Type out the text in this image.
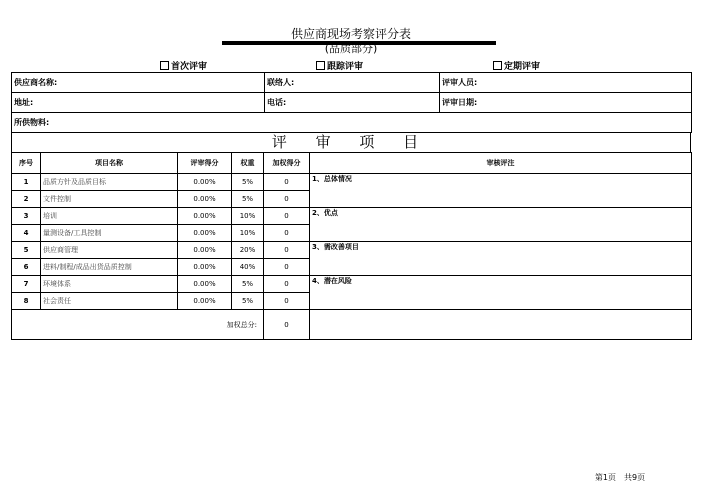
供应商现场考察评分表
(品质部分)
首次评审	跟踪评审	定期评审
供应商名称:	联络人:	评审人员:
地址:	电话:	评审日期:
所供物料:		
评 审 项 目
序号	项目名称	评审得分	权重	加权得分	审核评注
1	品质方针及品质目标	0.00%	5%	0	1、总体情况
2	文件控制	0.00%	5%	0	
3	培训	0.00%	10%	0	2、优点
4	量测设备/工具控制	0.00%	10%	0	
5	供应商管理	0.00%	20%	0	3、需改善项目
6	进料/制程/成品出货品质控制	0.00%	40%	0	
7	环境体系	0.00%	5%	0	4、潜在风险
8	社会责任	0.00%	5%	0	
加权总分:				0	
第1页　共9页
